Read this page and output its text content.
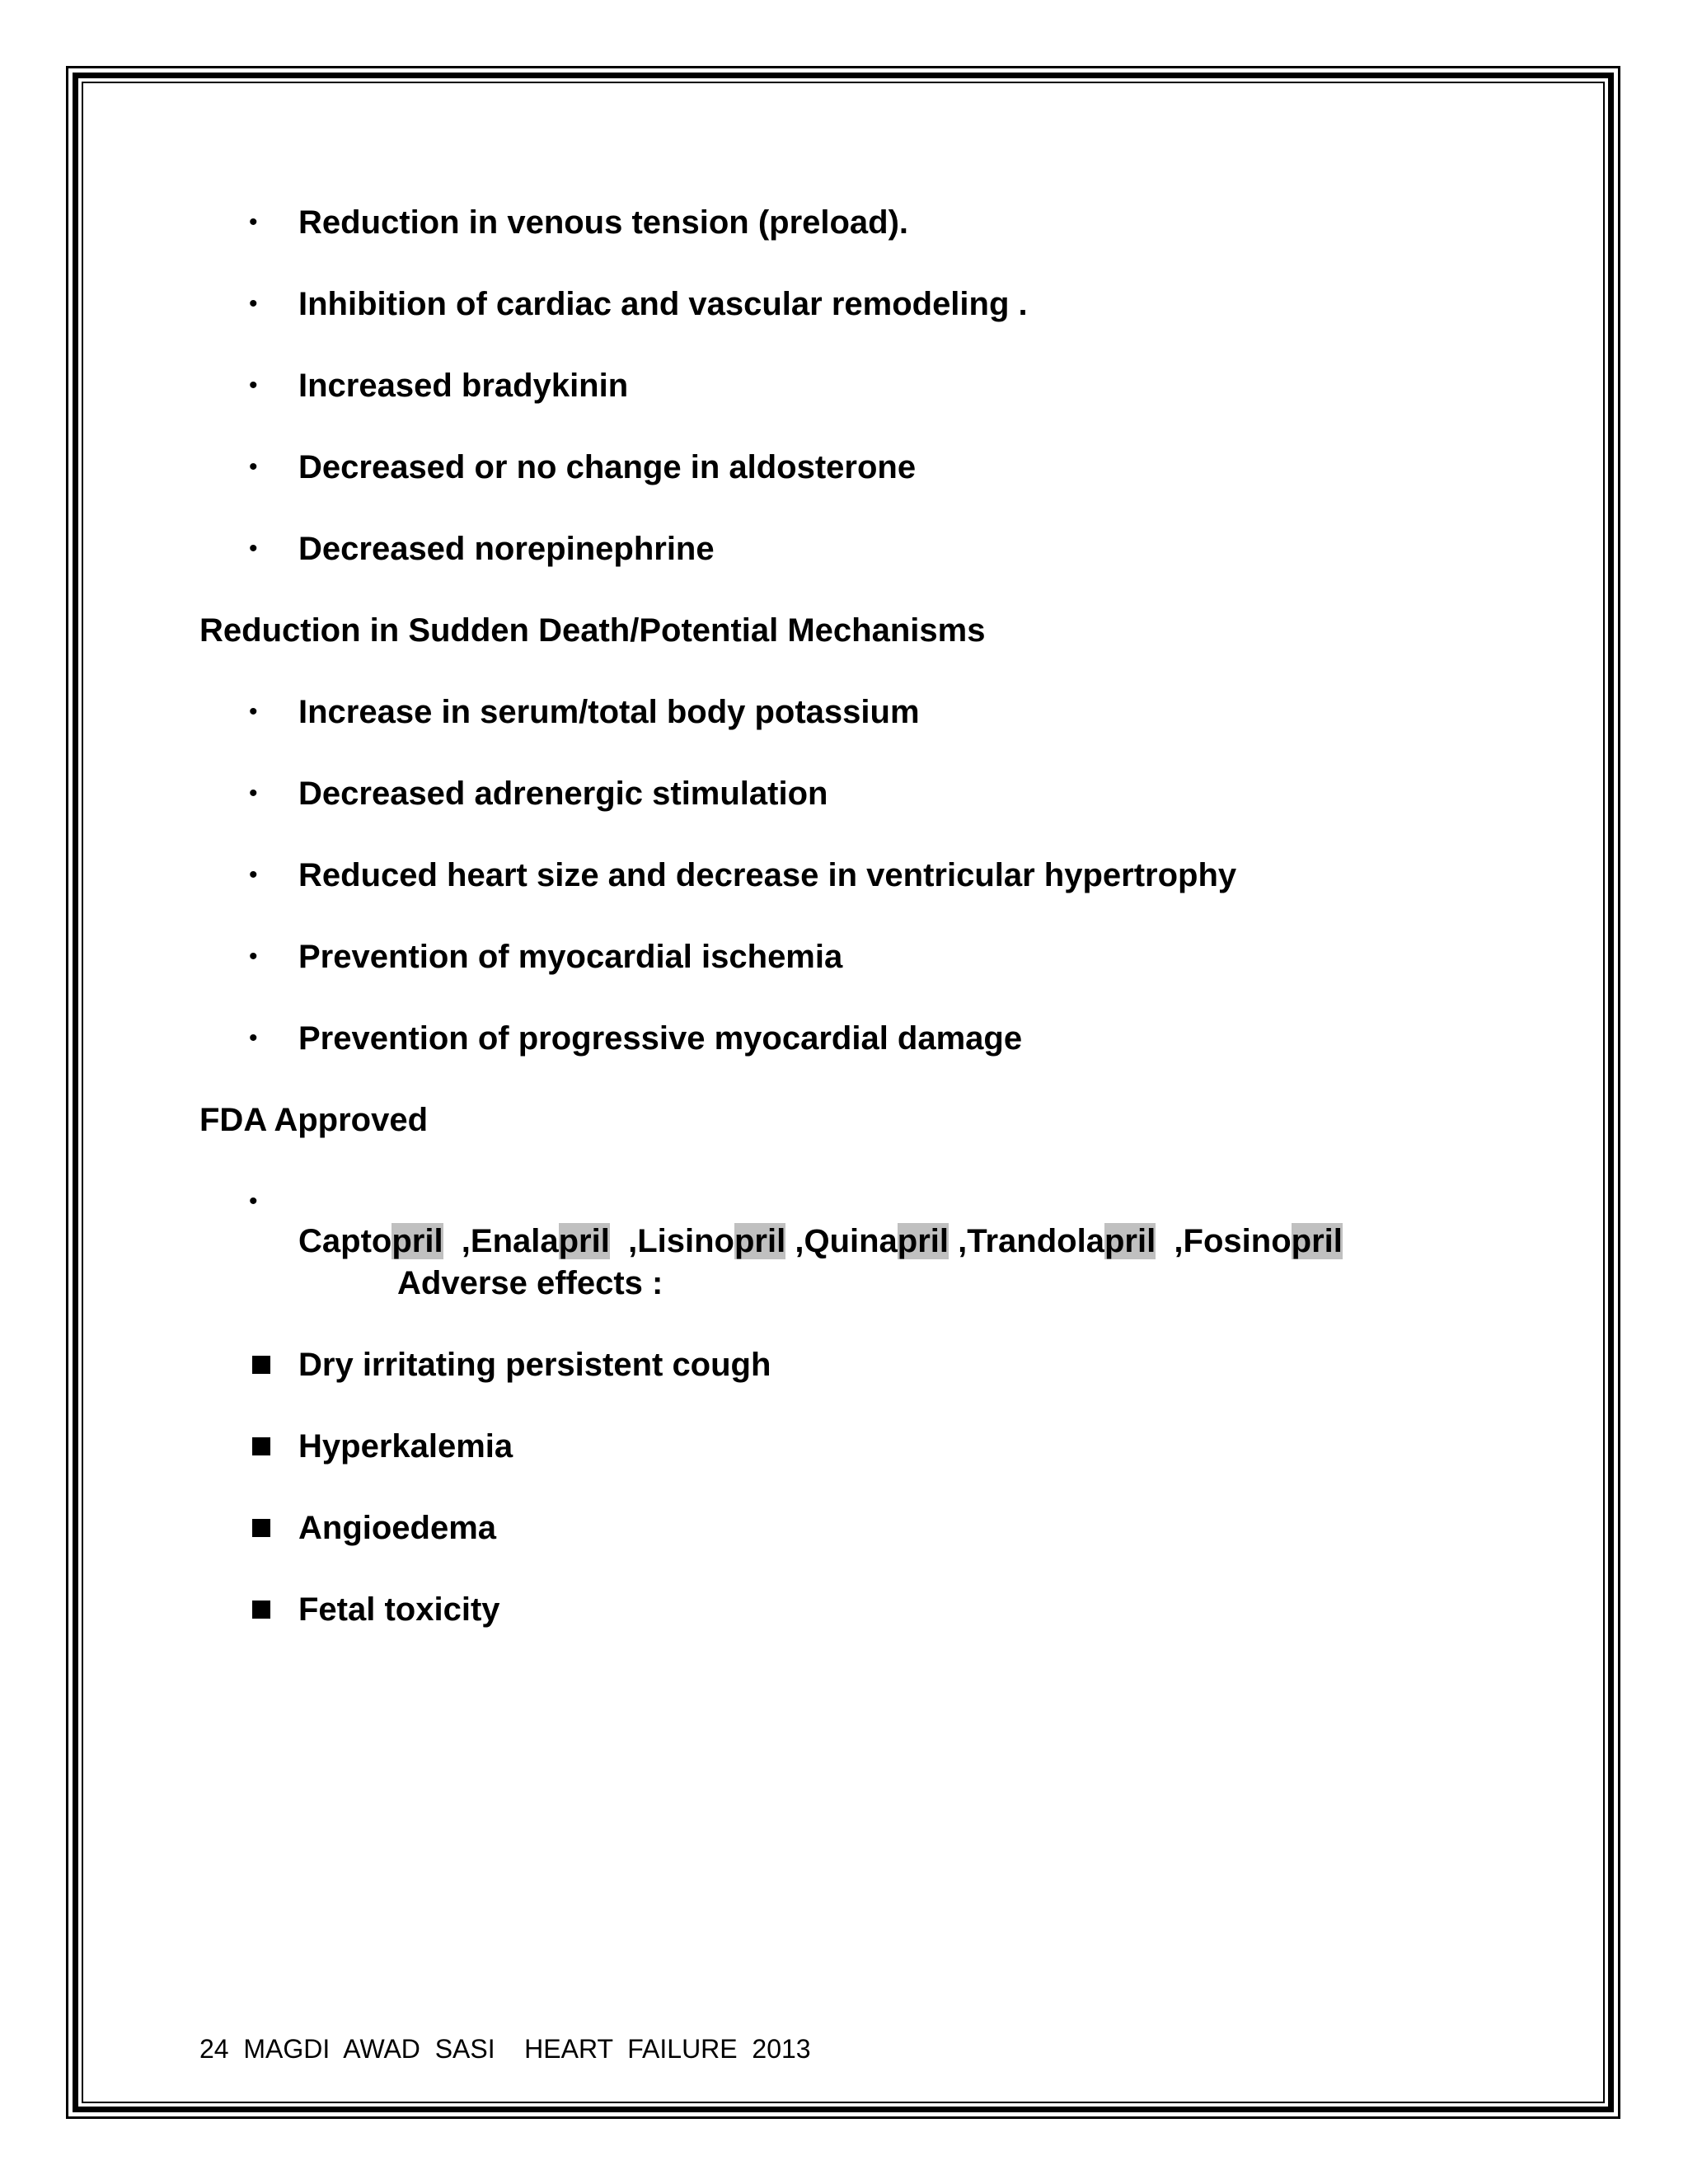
• Reduction in venous tension (preload).
• Inhibition of cardiac and vascular remodeling .
• Increased bradykinin
• Decreased or no change in aldosterone
• Decreased norepinephrine
Reduction in Sudden Death/Potential Mechanisms
• Increase in serum/total body potassium
• Decreased adrenergic stimulation
• Reduced heart size and decrease in ventricular hypertrophy
• Prevention of myocardial ischemia
• Prevention of progressive myocardial damage
FDA Approved
•

Captopril  ,Enalapril  ,Lisinopril ,Quinapril ,Trandolapril  ,Fosinopril
Adverse effects :
Dry irritating persistent cough
Hyperkalemia
Angioedema
Fetal toxicity
24  MAGDI  AWAD  SASI    HEART  FAILURE  2013
